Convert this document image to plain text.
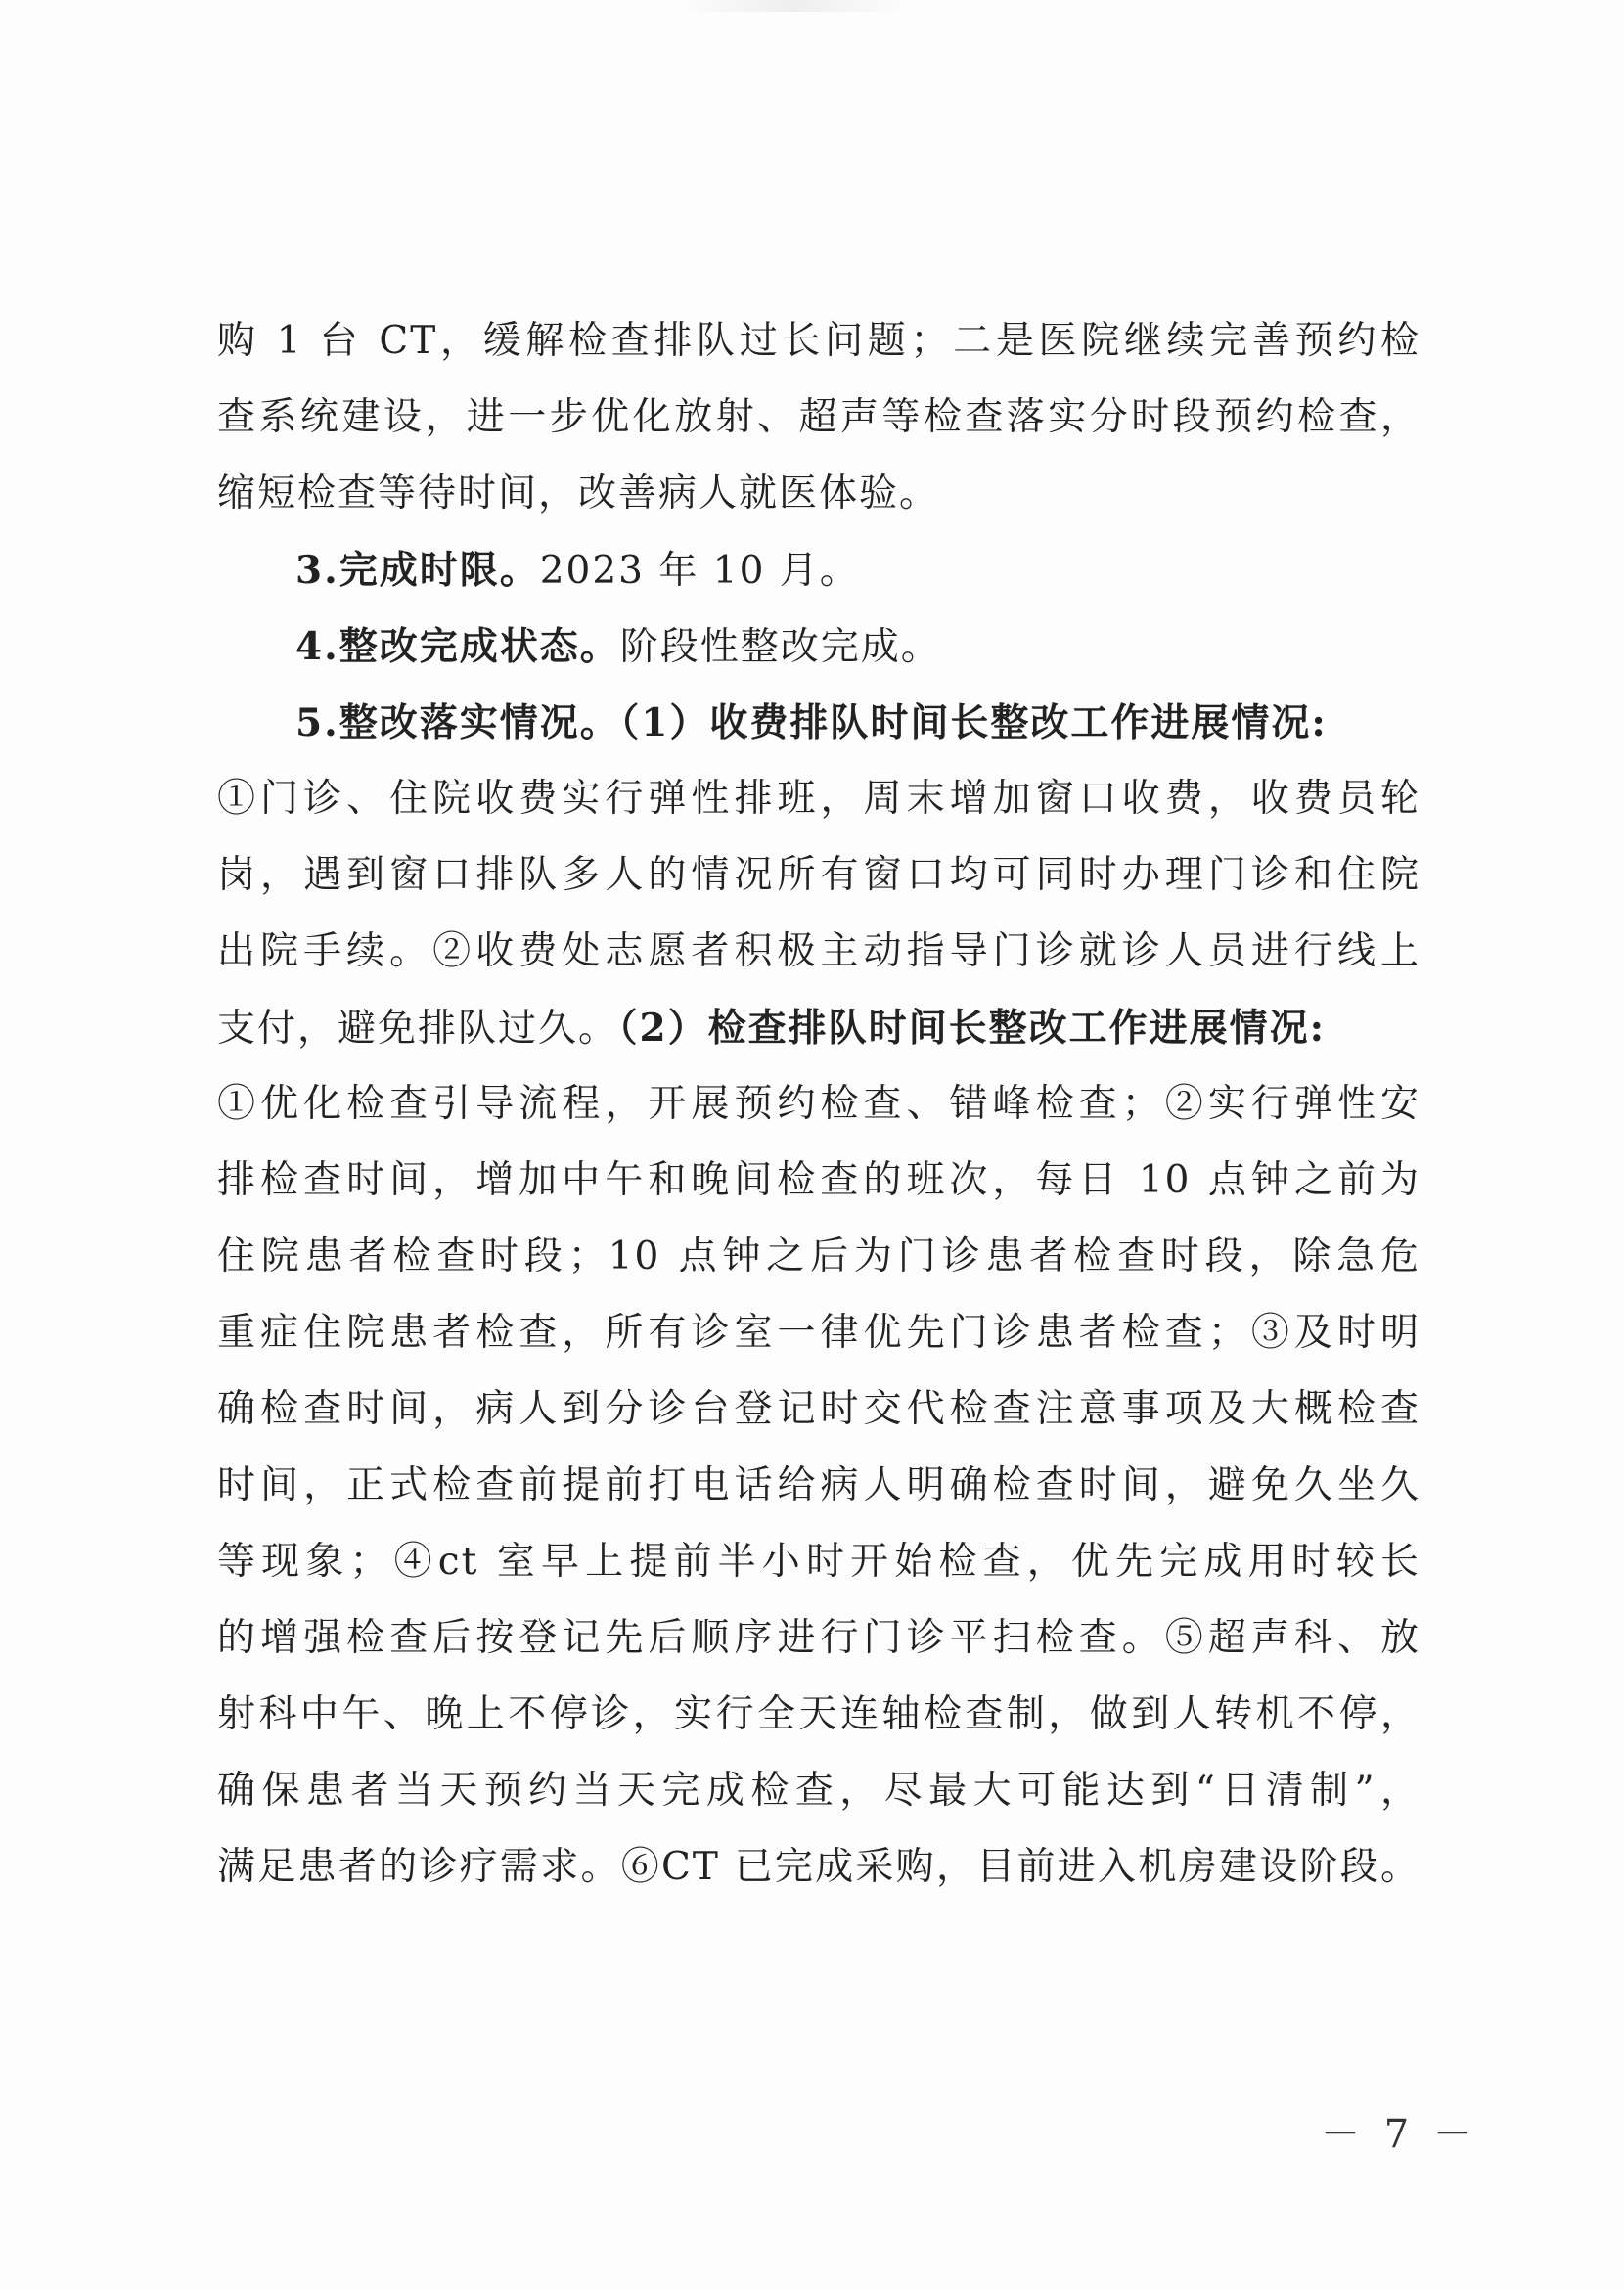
购 1 台 CT，缓解检查排队过长问题；二是医院继续完善预约检
查系统建设，进一步优化放射、超声等检查落实分时段预约检查，
缩短检查等待时间，改善病人就医体验。
3.完成时限。2023 年 10 月。
4.整改完成状态。阶段性整改完成。
5.整改落实情况。（1）收费排队时间长整改工作进展情况:
①门诊、住院收费实行弹性排班，周末增加窗口收费，收费员轮
岗，遇到窗口排队多人的情况所有窗口均可同时办理门诊和住院
出院手续。②收费处志愿者积极主动指导门诊就诊人员进行线上
支付，避免排队过久。（2）检查排队时间长整改工作进展情况:
①优化检查引导流程，开展预约检查、错峰检查；②实行弹性安
排检查时间，增加中午和晚间检查的班次，每日 10 点钟之前为
住院患者检查时段；10 点钟之后为门诊患者检查时段，除急危
重症住院患者检查，所有诊室一律优先门诊患者检查；③及时明
确检查时间，病人到分诊台登记时交代检查注意事项及大概检查
时间，正式检查前提前打电话给病人明确检查时间，避免久坐久
等现象；④ct 室早上提前半小时开始检查，优先完成用时较长
的增强检查后按登记先后顺序进行门诊平扫检查。⑤超声科、放
射科中午、晚上不停诊，实行全天连轴检查制，做到人转机不停，
确保患者当天预约当天完成检查，尽最大可能达到“日清制”，
满足患者的诊疗需求。⑥CT 已完成采购，目前进入机房建设阶段。
－ 7 －
